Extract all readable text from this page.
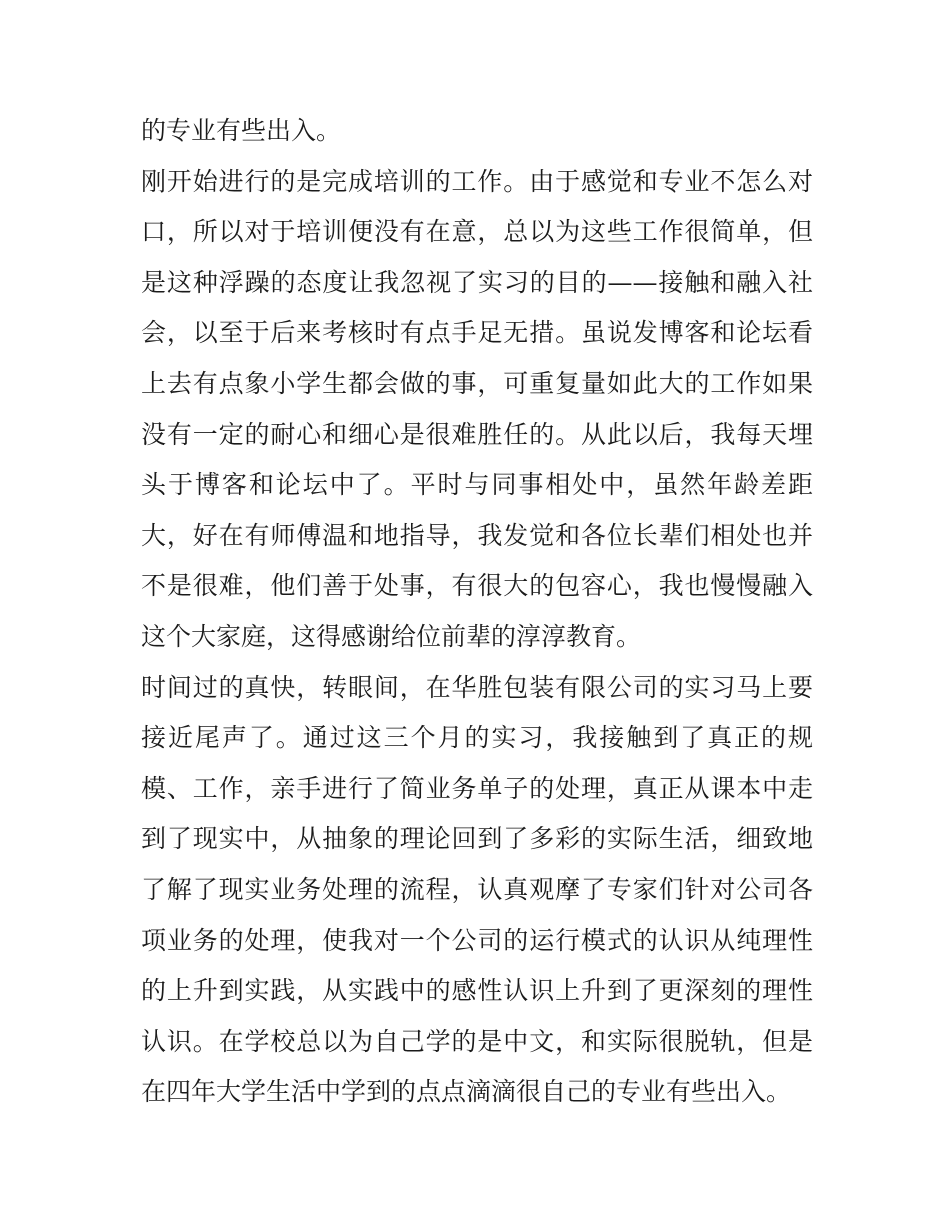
的专业有些出入。

刚开始进行的是完成培训的工作。由于感觉和专业不怎么对口，所以对于培训便没有在意，总以为这些工作很简单，但是这种浮躁的态度让我忽视了实习的目的——接触和融入社会，以至于后来考核时有点手足无措。虽说发博客和论坛看上去有点象小学生都会做的事，可重复量如此大的工作如果没有一定的耐心和细心是很难胜任的。从此以后，我每天埋头于博客和论坛中了。平时与同事相处中，虽然年龄差距大，好在有师傅温和地指导，我发觉和各位长辈们相处也并不是很难，他们善于处事，有很大的包容心，我也慢慢融入这个大家庭，这得感谢给位前辈的淳淳教育。

时间过的真快，转眼间，在华胜包装有限公司的实习马上要接近尾声了。通过这三个月的实习，我接触到了真正的规模、工作，亲手进行了简业务单子的处理，真正从课本中走到了现实中，从抽象的理论回到了多彩的实际生活，细致地了解了现实业务处理的流程，认真观摩了专家们针对公司各项业务的处理，使我对一个公司的运行模式的认识从纯理性的上升到实践，从实践中的感性认识上升到了更深刻的理性认识。在学校总以为自己学的是中文，和实际很脱轨，但是在四年大学生活中学到的点点滴滴很自己的专业有些出入。
